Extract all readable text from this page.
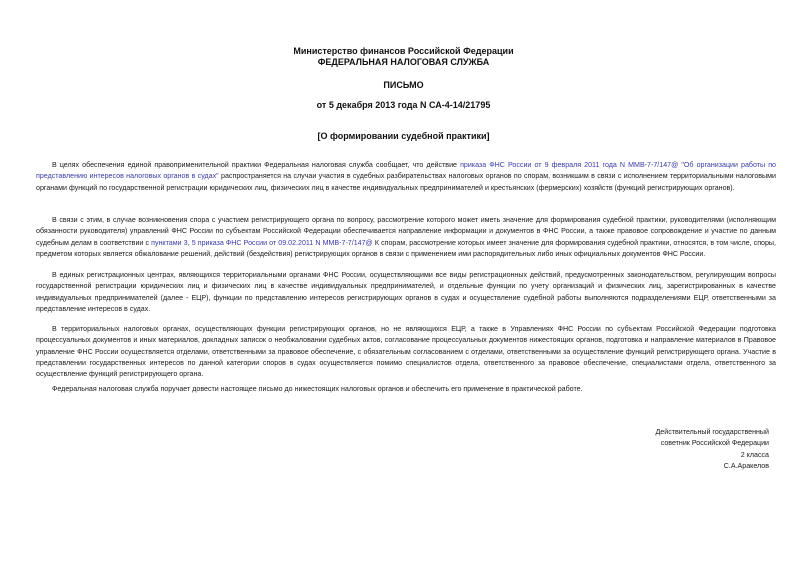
Министерство финансов Российской Федерации
ФЕДЕРАЛЬНАЯ НАЛОГОВАЯ СЛУЖБА
ПИСЬМО
от 5 декабря 2013 года N СА-4-14/21795
[О формировании судебной практики]

В целях обеспечения единой правоприменительной практики Федеральная налоговая служба сообщает, что действие приказа ФНС России от 9 февраля 2011 года N ММВ-7-7/147@ "Об организации работы по представлению интересов налоговых органов в судах" распространяется на случаи участия в судебных разбирательствах налоговых органов по спорам, возникшим в связи с исполнением территориальными налоговыми органами функций по государственной регистрации юридических лиц, физических лиц в качестве индивидуальных предпринимателей и крестьянских (фермерских) хозяйств (функций регистрирующих органов).

В связи с этим, в случае возникновения спора с участием регистрирующего органа по вопросу, рассмотрение которого может иметь значение для формирования судебной практики, руководителями (исполняющим обязанности руководителя) управлений ФНС России по субъектам Российской Федерации обеспечивается направление информации и документов в ФНС России, а также правовое сопровождение и участие по данным судебным делам в соответствии с пунктами 3, 5 приказа ФНС России от 09.02.2011 N ММВ-7-7/147@ К спорам, рассмотрение которых имеет значение для формирования судебной практики, относятся, в том числе, споры, предметом которых является обжалование решений, действий (бездействия) регистрирующих органов в связи с применением ими распорядительных либо иных официальных документов ФНС России.

В единых регистрационных центрах, являющихся территориальными органами ФНС России, осуществляющими все виды регистрационных действий, предусмотренных законодательством, регулирующим вопросы государственной регистрации юридических лиц и физических лиц в качестве индивидуальных предпринимателей, и отдельные функции по учету организаций и физических лиц, зарегистрированных в качестве индивидуальных предпринимателей (далее - ЕЦР), функции по представлению интересов регистрирующих органов в судах и осуществление судебной работы выполняются подразделениями ЕЦР, ответственными за представление интересов в судах.

В территориальных налоговых органах, осуществляющих функции регистрирующих органов, но не являющихся ЕЦР, а также в Управлениях ФНС России по субъектам Российской Федерации подготовка процессуальных документов и иных материалов, докладных записок о необжаловании судебных актов, согласование процессуальных документов нижестоящих органов, подготовка и направление материалов в Правовое управление ФНС России осуществляется отделами, ответственными за правовое обеспечение, с обязательным согласованием с отделами, ответственными за осуществление функций регистрирующего органа. Участие в представлении государственных интересов по данной категории споров в судах осуществляется помимо специалистов отдела, ответственного за правовое обеспечение, специалистами отдела, ответственного за осуществление функций регистрирующего органа.

Федеральная налоговая служба поручает довести настоящее письмо до нижестоящих налоговых органов и обеспечить его применение в практической работе.

Действительный государственный
советник Российской Федерации
2 класса
С.А.Аракелов
